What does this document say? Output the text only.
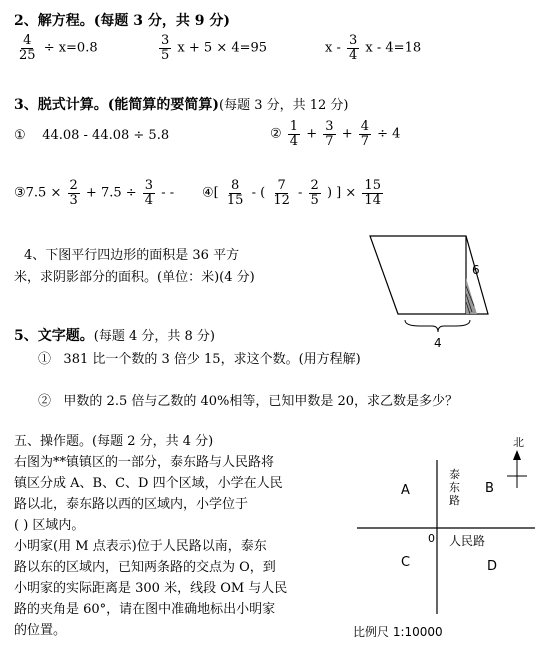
2、解方程。(每题 3 分，共 9 分)
$\frac{4}{25} \div x=0.8$	$\frac{3}{5}$ x + 5 × 4=95	x - $\frac{3}{4}$ x - 4=18
3、脱式计算。(能简算的要简算)(每题 3 分，共 12 分)
① 44.08 - 44.08 ÷ 5.8	② $\frac{1}{4} + \frac{3}{7} + \frac{4}{7} \div 4$
③7.5 × $\frac{2}{3} + 7.5 \div \frac{3}{4}$ - - ④[ $\frac{8}{15}$ - ( $\frac{7}{12} - \frac{2}{5}$ ) ] × $\frac{15}{14}$
4、下图平行四边形的面积是 36 平方
米，求阴影部分的面积。(单位：米)(4 分)	6
4
5、文字题。(每题 4 分，共 8 分)
① 381 比一个数的 3 倍少 15，求这个数。(用方程解)
② 甲数的 2.5 倍与乙数的 40%相等，已知甲数是 20，求乙数是多少？
五、操作题。(每题 2 分，共 4 分)
右图为**镇镇区的一部分，泰东路与人民路将
镇区分成 A、B、C、D 四个区域，小学在人民
路以北，泰东路以西的区域内，小学位于
( ) 区域内。
小明家(用 M 点表示)位于人民路以南，泰东
路以东的区域内，已知两条路的交点为 O，到
小明家的实际距离是 300 米，线段 OM 与人民
路的夹角是 60°，请在图中准确地标出小明家
的位置。
北
A	B
C	D
0
泰
东
路
人民路
比例尺 1:10000
